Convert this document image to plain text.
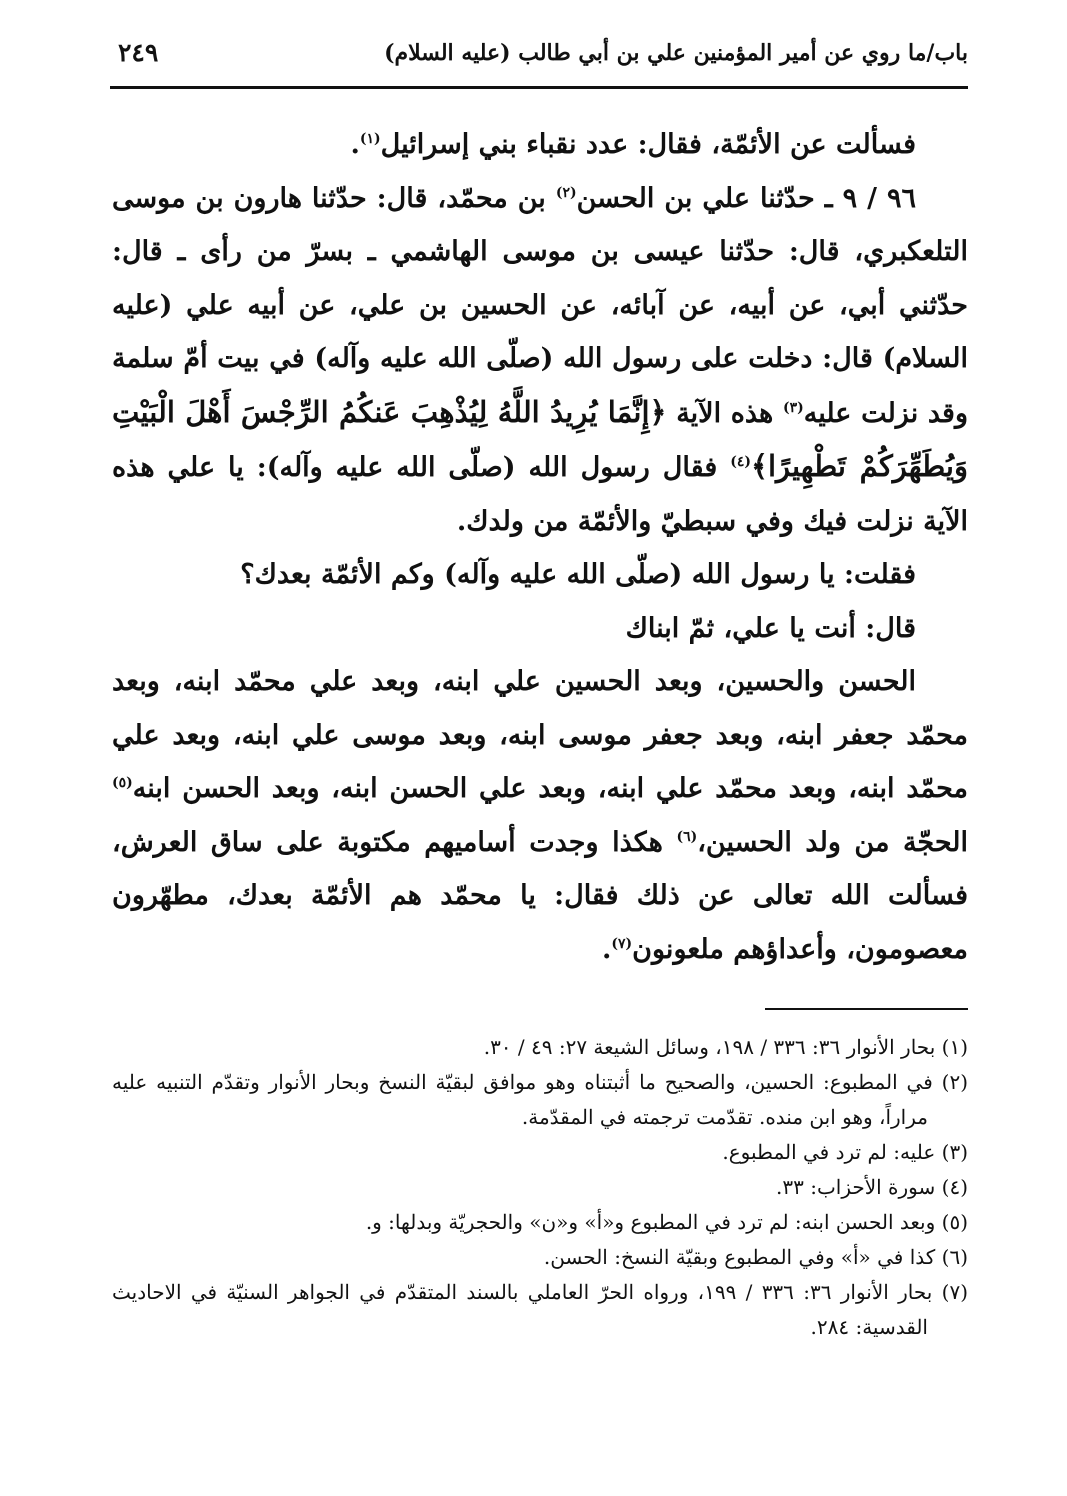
باب/ما روي عن أمير المؤمنين علي بن أبي طالب (عليه السلام)
٢٤٩

فسألت عن الأئمّة، فقال: عدد نقباء بني إسرائيل$^{(١)}$.

٩٦ / ٩ ـ حدّثنا علي بن الحسن$^{(٢)}$ بن محمّد، قال: حدّثنا هارون بن موسى التلعكبري، قال: حدّثنا عيسى بن موسى الهاشمي ـ بسرّ من رأى ـ قال: حدّثني أبي، عن أبيه، عن آبائه، عن الحسين بن علي، عن أبيه علي (عليه السلام) قال: دخلت على رسول الله (صلّى الله عليه وآله) في بيت أمّ سلمة وقد نزلت عليه$^{(٣)}$ هذه الآية ﴿إِنَّمَا يُرِيدُ اللَّهُ لِيُذْهِبَ عَنكُمُ الرِّجْسَ أَهْلَ الْبَيْتِ وَيُطَهِّرَكُمْ تَطْهِيرًا﴾$^{(٤)}$ فقال رسول الله (صلّى الله عليه وآله): يا علي هذه الآية نزلت فيك وفي سبطيّ والأئمّة من ولدك.

فقلت: يا رسول الله (صلّى الله عليه وآله) وكم الأئمّة بعدك؟

قال: أنت يا علي، ثمّ ابناك

الحسن والحسين، وبعد الحسين علي ابنه، وبعد علي محمّد ابنه، وبعد محمّد جعفر ابنه، وبعد جعفر موسى ابنه، وبعد موسى علي ابنه، وبعد علي محمّد ابنه، وبعد محمّد علي ابنه، وبعد علي الحسن ابنه، وبعد الحسن ابنه$^{(٥)}$ الحجّة من ولد الحسين،$^{(٦)}$ هكذا وجدت أساميهم مكتوبة على ساق العرش، فسألت الله تعالى عن ذلك فقال: يا محمّد هم الأئمّة بعدك، مطهّرون معصومون، وأعداؤهم ملعونون$^{(٧)}$.

(١) بحار الأنوار ٣٦: ٣٣٦ / ١٩٨، وسائل الشيعة ٢٧: ٤٩ / ٣٠.

(٢) في المطبوع: الحسين، والصحيح ما أثبتناه وهو موافق لبقيّة النسخ وبحار الأنوار وتقدّم التنبيه عليه مراراً، وهو ابن منده. تقدّمت ترجمته في المقدّمة.

(٣) عليه: لم ترد في المطبوع.

(٤) سورة الأحزاب: ٣٣.

(٥) وبعد الحسن ابنه: لم ترد في المطبوع و«أ» و«ن» والحجريّة وبدلها: و.

(٦) كذا في «أ» وفي المطبوع وبقيّة النسخ: الحسن.

(٧) بحار الأنوار ٣٦: ٣٣٦ / ١٩٩، ورواه الحرّ العاملي بالسند المتقدّم في الجواهر السنيّة في الاحاديث القدسية: ٢٨٤.
